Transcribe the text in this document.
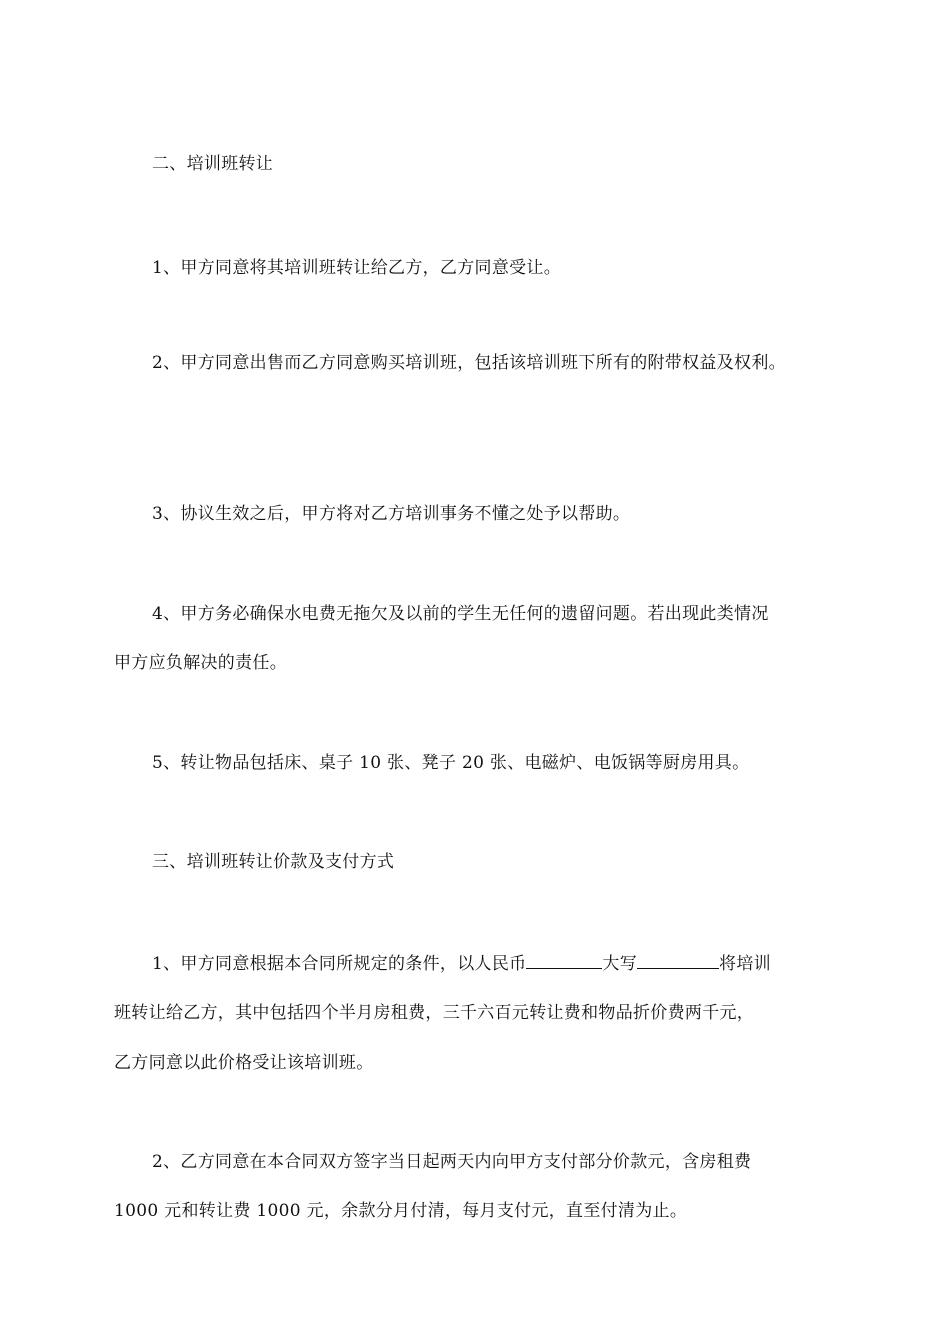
二、培训班转让
1、甲方同意将其培训班转让给乙方，乙方同意受让。
2、甲方同意出售而乙方同意购买培训班，包括该培训班下所有的附带权益及权利。
3、协议生效之后，甲方将对乙方培训事务不懂之处予以帮助。
4、甲方务必确保水电费无拖欠及以前的学生无任何的遗留问题。若出现此类情况
甲方应负解决的责任。
5、转让物品包括床、桌子 10 张、凳子 20 张、电磁炉、电饭锅等厨房用具。
三、培训班转让价款及支付方式
1、甲方同意根据本合同所规定的条件，以人民币	大写	将培训
班转让给乙方，其中包括四个半月房租费，三千六百元转让费和物品折价费两千元，
乙方同意以此价格受让该培训班。
2、乙方同意在本合同双方签字当日起两天内向甲方支付部分价款元，含房租费
1000 元和转让费 1000 元，余款分月付清，每月支付元，直至付清为止。
